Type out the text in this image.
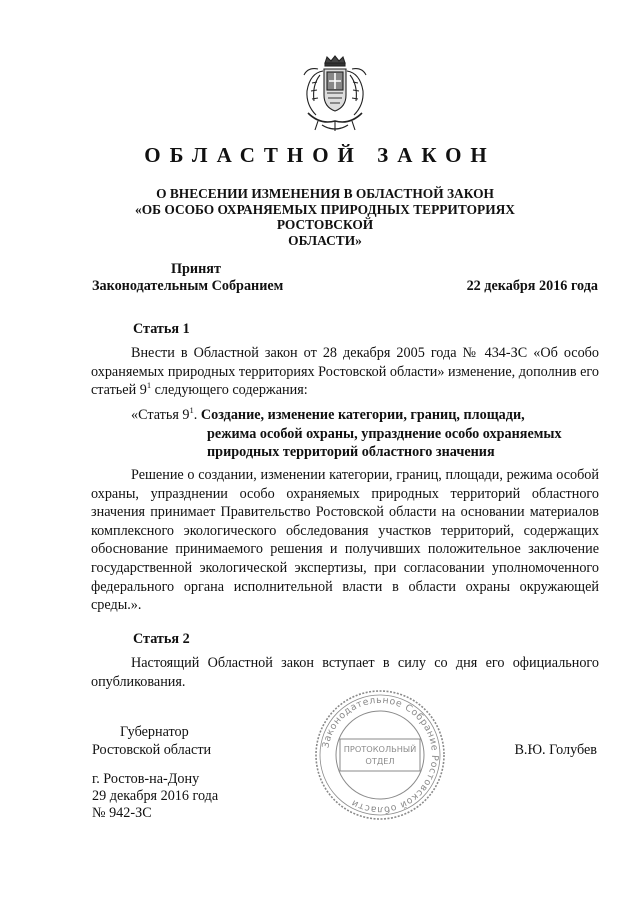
ОБЛАСТНОЙ ЗАКОН
О ВНЕСЕНИИ ИЗМЕНЕНИЯ В ОБЛАСТНОЙ ЗАКОН
«ОБ ОСОБО ОХРАНЯЕМЫХ ПРИРОДНЫХ ТЕРРИТОРИЯХ РОСТОВСКОЙ
ОБЛАСТИ»
Принят
Законодательным Собранием	22 декабря 2016 года
Статья 1

Внести в Областной закон от 28 декабря 2005 года № 434-ЗС «Об особо охраняемых природных территориях Ростовской области» изменение, дополнив его статьей $9^1$ следующего содержания:

«Статья $9^1$. Создание, изменение категории, границ, площади,
режима особой охраны, упразднение особо охраняемых
природных территорий областного значения

Решение о создании, изменении категории, границ, площади, режима особой охраны, упразднении особо охраняемых природных территорий областного значения принимает Правительство Ростовской области на основании материалов комплексного экологического обследования участков территорий, содержащих обоснование принимаемого решения и получивших положительное заключение государственной экологической экспертизы, при согласовании уполномоченного федерального органа исполнительной власти в области охраны окружающей среды.».

Статья 2

Настоящий Областной закон вступает в силу со дня его официального опубликования.

Губернатор
Ростовской области	В.Ю. Голубев
Законодательное Собрание Ростовской области
ПРОТОКОЛЬНЫЙ
ОТДЕЛ
г. Ростов-на-Дону
29 декабря 2016 года
№ 942-ЗС
